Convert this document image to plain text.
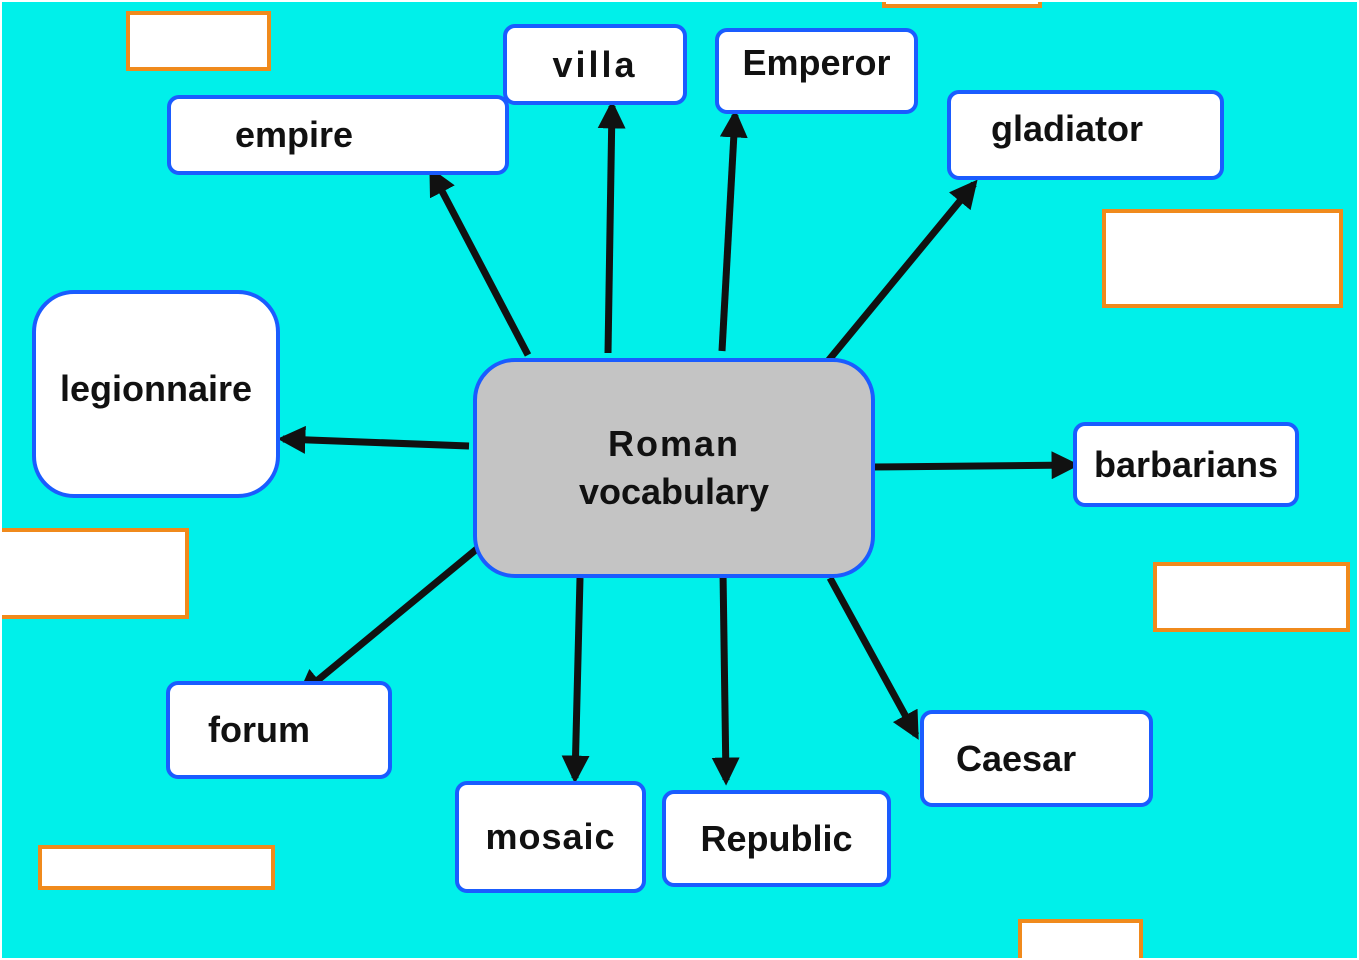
Roman
vocabulary
empire
villa	Emperor
gladiator
legionnaire
barbarians
forum
Caesar
mosaic Republic
